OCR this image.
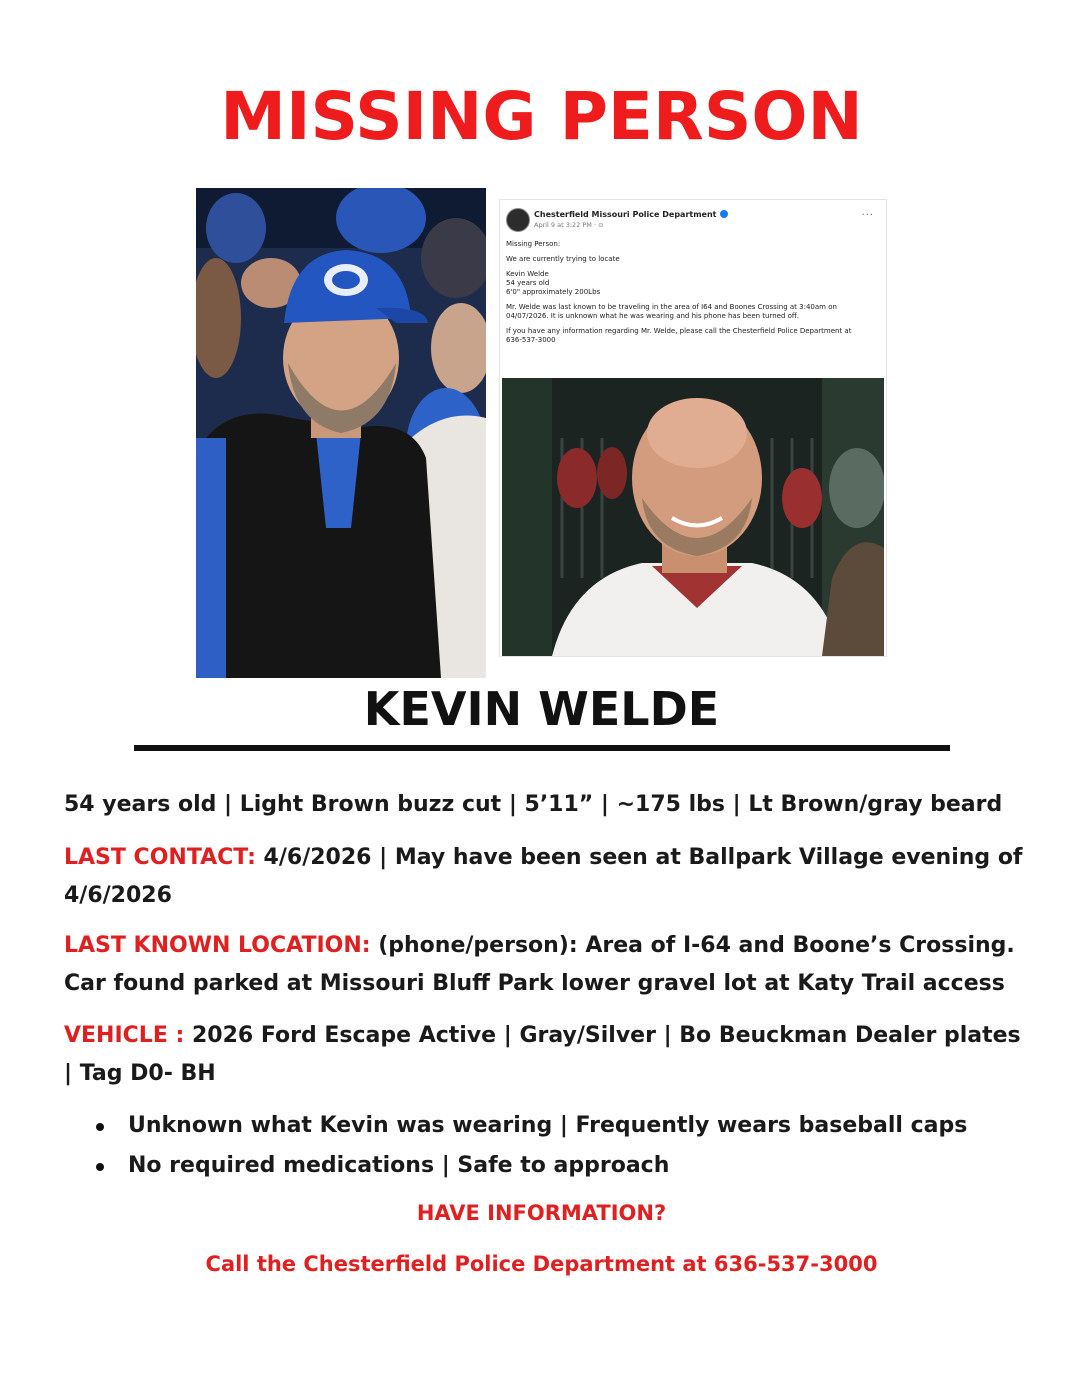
MISSING PERSON
Chesterfield Missouri Police Department
April 9 at 3:22 PM · ⊙
···

Missing Person:

We are currently trying to locate

Kevin Welde
54 years old
6'0" approximately 200Lbs

Mr. Welde was last known to be traveling in the area of I64 and Boones Crossing at 3:40am on
04/07/2026. It is unknown what he was wearing and his phone has been turned off.

If you have any information regarding Mr. Welde, please call the Chesterfield Police Department at
636-537-3000

KEVIN WELDE
54 years old | Light Brown buzz cut | 5’11” | ~175 lbs | Lt Brown/gray beard
LAST CONTACT: 4/6/2026 | May have been seen at Ballpark Village evening of 4/6/2026
LAST KNOWN LOCATION: (phone/person): Area of I-64 and Boone’s Crossing. Car found parked at Missouri Bluff Park lower gravel lot at Katy Trail access
VEHICLE : 2026 Ford Escape Active | Gray/Silver | Bo Beuckman Dealer plates | Tag D0- BH
Unknown what Kevin was wearing | Frequently wears baseball caps
No required medications | Safe to approach
HAVE INFORMATION?
Call the Chesterfield Police Department at 636-537-3000
